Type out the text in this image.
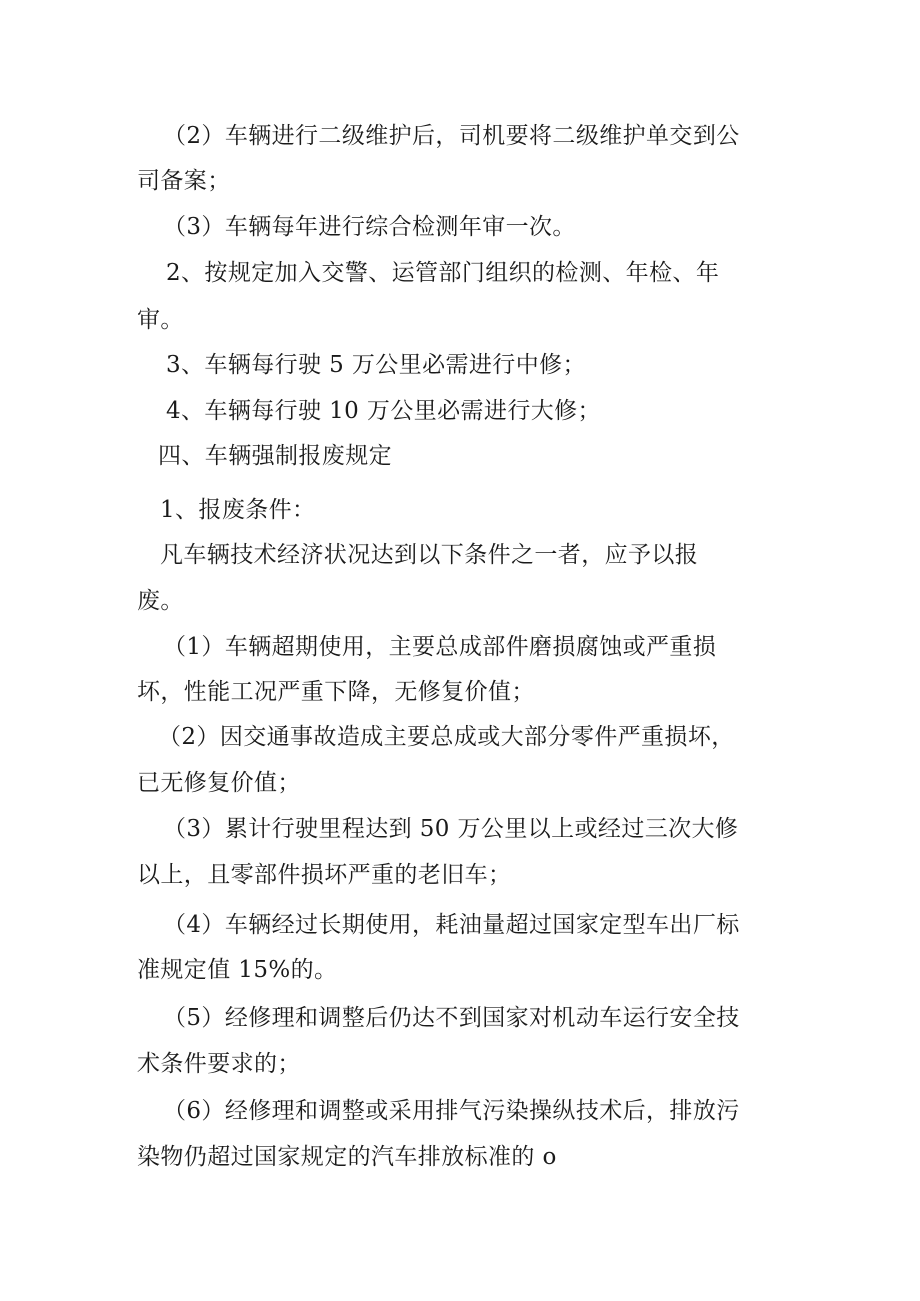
（2）车辆进行二级维护后，司机要将二级维护单交到公
司备案；
（3）车辆每年进行综合检测年审一次。
2、按规定加入交警、运管部门组织的检测、年检、年
审。
3、车辆每行驶 5 万公里必需进行中修；
4、车辆每行驶 10 万公里必需进行大修；
四、车辆强制报废规定
1、报废条件：
凡车辆技术经济状况达到以下条件之一者，应予以报
废。
（1）车辆超期使用，主要总成部件磨损腐蚀或严重损
坏，性能工况严重下降，无修复价值；
（2）因交通事故造成主要总成或大部分零件严重损坏，
已无修复价值；
（3）累计行驶里程达到 50 万公里以上或经过三次大修
以上，且零部件损坏严重的老旧车；
（4）车辆经过长期使用，耗油量超过国家定型车出厂标
准规定值 15%的。
（5）经修理和调整后仍达不到国家对机动车运行安全技
术条件要求的；
（6）经修理和调整或采用排气污染操纵技术后，排放污
染物仍超过国家规定的汽车排放标准的 o
